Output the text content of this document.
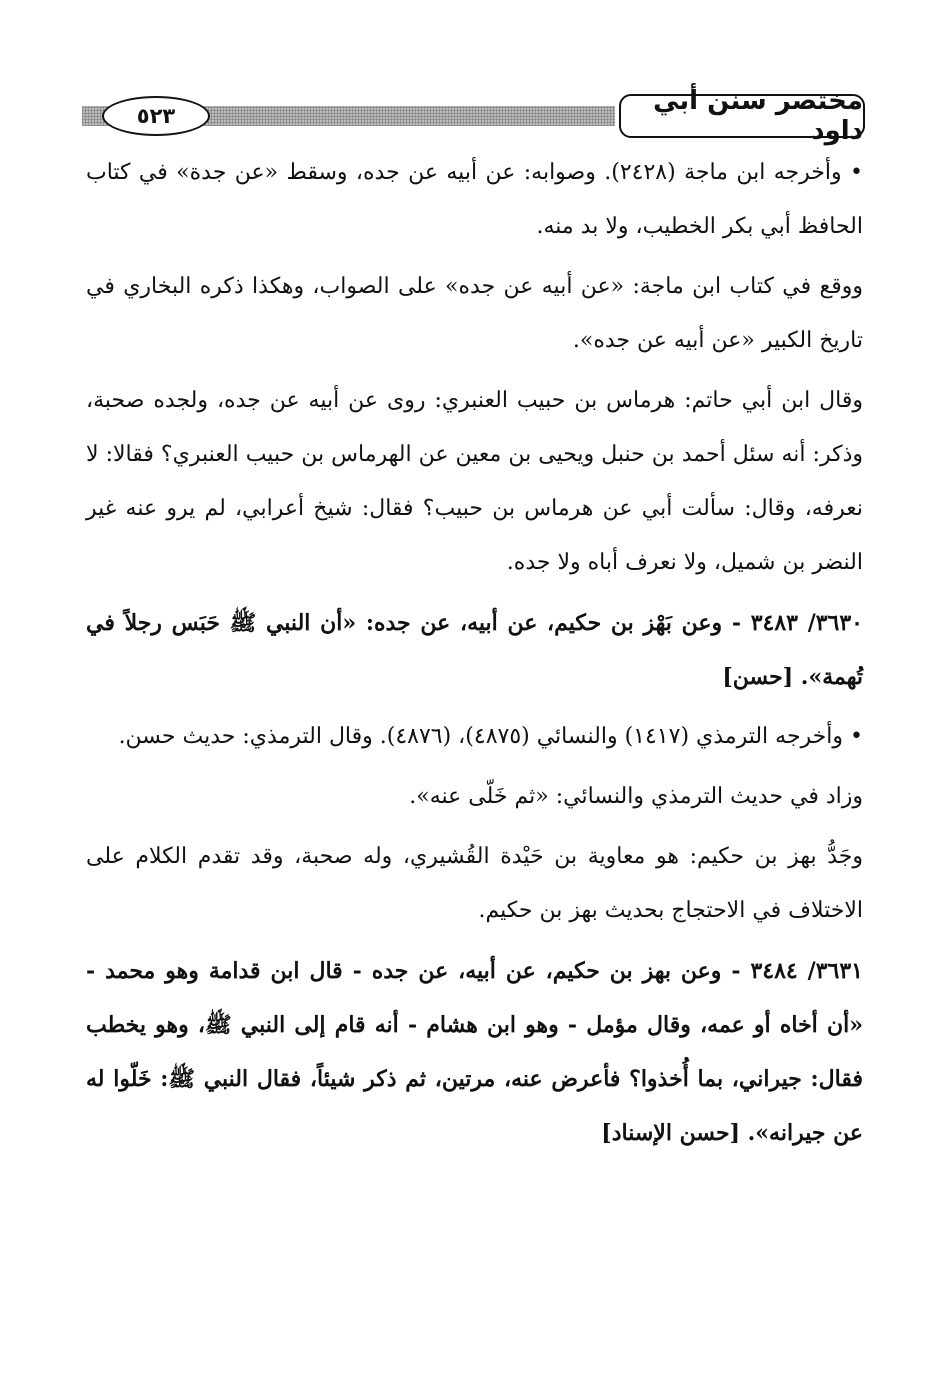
٥٢٣	مختصر سنن أبي داود

• وأخرجه ابن ماجة (٢٤٢٨). وصوابه: عن أبيه عن جده، وسقط «عن جدة» في كتاب الحافظ أبي بكر الخطيب، ولا بد منه.

ووقع في كتاب ابن ماجة: «عن أبيه عن جده» على الصواب، وهكذا ذكره البخاري في تاريخ الكبير «عن أبيه عن جده».

وقال ابن أبي حاتم: هرماس بن حبيب العنبري: روى عن أبيه عن جده، ولجده صحبة، وذكر: أنه سئل أحمد بن حنبل ويحيى بن معين عن الهرماس بن حبيب العنبري؟ فقالا: لا نعرفه، وقال: سألت أبي عن هرماس بن حبيب؟ فقال: شيخ أعرابي، لم يرو عنه غير النضر بن شميل، ولا نعرف أباه ولا جده.

٣٦٣٠/ ٣٤٨٣ - وعن بَهْز بن حكيم، عن أبيه، عن جده: «أن النبي ﷺ حَبَس رجلاً في تُهمة». [حسن]

• وأخرجه الترمذي (١٤١٧) والنسائي (٤٨٧٥)، (٤٨٧٦). وقال الترمذي: حديث حسن.

وزاد في حديث الترمذي والنسائي: «ثم خَلّى عنه».

وجَدُّ بهز بن حكيم: هو معاوية بن حَيْدة القُشيري، وله صحبة، وقد تقدم الكلام على الاختلاف في الاحتجاج بحديث بهز بن حكيم.

٣٦٣١/ ٣٤٨٤ - وعن بهز بن حكيم، عن أبيه، عن جده - قال ابن قدامة وهو محمد - «أن أخاه أو عمه، وقال مؤمل - وهو ابن هشام - أنه قام إلى النبي ﷺ، وهو يخطب فقال: جيراني، بما أُخذوا؟ فأعرض عنه، مرتين، ثم ذكر شيئاً، فقال النبي ﷺ: خَلّوا له عن جيرانه». [حسن الإسناد]
